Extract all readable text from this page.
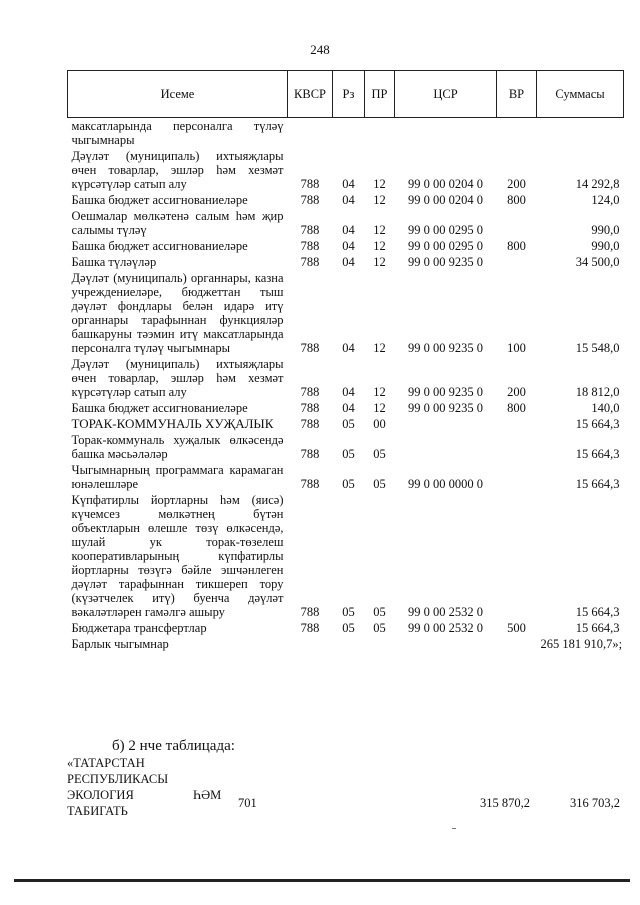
248
Исеме	КВСР	Рз	ПР	ЦСР	ВР	Суммасы
максатларында персоналга түләү чыгымнары						
Дәүләт (муниципаль) ихтыяҗлары өчен товарлар, эшләр һәм хезмәт күрсәтүләр сатып алу	788	04	12	99 0 00 0204 0	200	14 292,8
Башка бюджет ассигнованиеләре	788	04	12	99 0 00 0204 0	800	124,0
Оешмалар мөлкәтенә салым һәм җир салымы түләү	788	04	12	99 0 00 0295 0		990,0
Башка бюджет ассигнованиеләре	788	04	12	99 0 00 0295 0	800	990,0
Башка түләүләр	788	04	12	99 0 00 9235 0		34 500,0
Дәүләт (муниципаль) органнары, казна учреждениеләре, бюджеттан тыш дәүләт фондлары белән идарә итү органнары тарафыннан функцияләр башкаруны тәэмин итү максатларында персоналга түләү чыгымнары	788	04	12	99 0 00 9235 0	100	15 548,0
Дәүләт (муниципаль) ихтыяҗлары өчен товарлар, эшләр һәм хезмәт күрсәтүләр сатып алу	788	04	12	99 0 00 9235 0	200	18 812,0
Башка бюджет ассигнованиеләре	788	04	12	99 0 00 9235 0	800	140,0
ТОРАК-КОММУНАЛЬ ХУҖАЛЫК	788	05	00			15 664,3
Торак-коммуналь хуҗалык өлкәсендә башка мәсьәләләр	788	05	05			15 664,3
Чыгымнарның программага карамаган юнәлешләре	788	05	05	99 0 00 0000 0		15 664,3
Күпфатирлы йортларны һәм (яисә) күчемсез мөлкәтнең бүтән объектларын өлешле төзү өлкәсендә, шулай ук торак-төзелеш кооперативларының күпфатирлы йортларны төзүгә бәйле эшчәнлеген дәүләт тарафыннан тикшереп тору (күзәтчелек итү) буенча дәүләт вәкаләтләрен гамәлгә ашыру	788	05	05	99 0 00 2532 0		15 664,3
Бюджетара трансфертлар	788	05	05	99 0 00 2532 0	500	15 664,3
Барлык чыгымнар						265 181 910,7»;
б) 2 нче таблицада:
«ТАТАРСТАН
РЕСПУБЛИКАСЫ
ЭКОЛОГИЯ
ТАБИГАТЬ
ҺӘМ
701	315 870,2	316 703,2
